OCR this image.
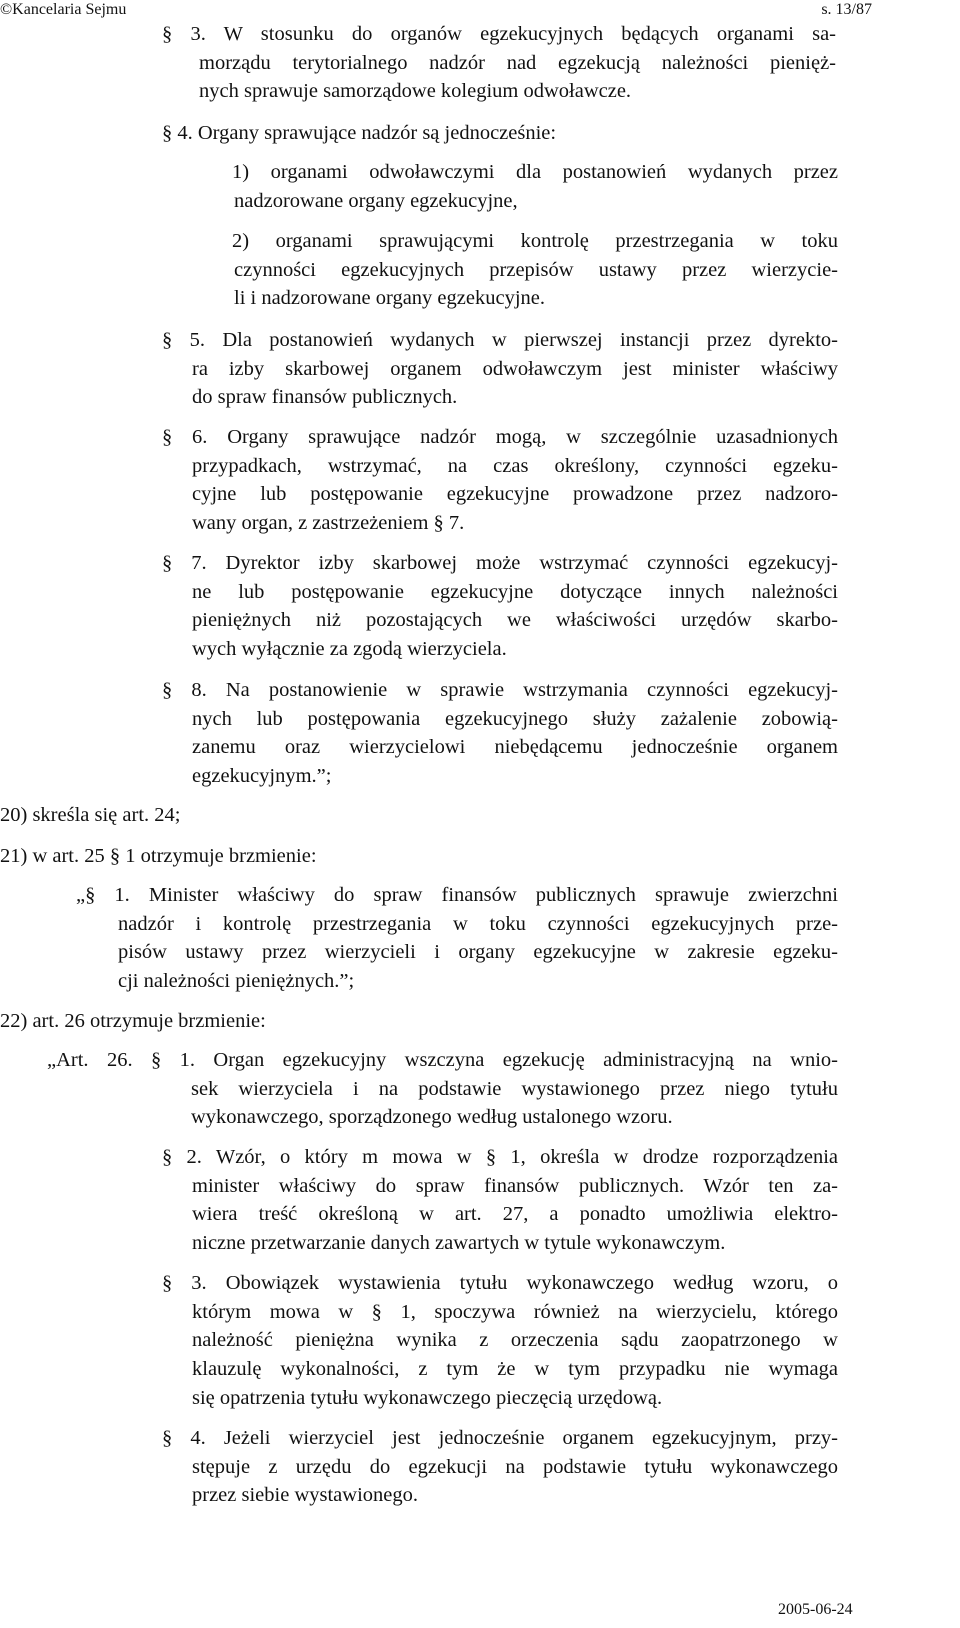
©Kancelaria Sejmu	s. 13/87
§ 3. W stosunku do organów egzekucyjnych będących organami sa-
morządu terytorialnego nadzór nad egzekucją należności pienięż-
nych sprawuje samorządowe kolegium odwoławcze.
§ 4. Organy sprawujące nadzór są jednocześnie:
1) organami odwoławczymi dla postanowień wydanych przez
nadzorowane organy egzekucyjne,
2) organami sprawującymi kontrolę przestrzegania w toku
czynności egzekucyjnych przepisów ustawy przez wierzycie-
li i nadzorowane organy egzekucyjne.
§ 5. Dla postanowień wydanych w pierwszej instancji przez dyrekto-
ra izby skarbowej organem odwoławczym jest minister właściwy
do spraw finansów publicznych.
§ 6. Organy sprawujące nadzór mogą, w szczególnie uzasadnionych
przypadkach, wstrzymać, na czas określony, czynności egzeku-
cyjne lub postępowanie egzekucyjne prowadzone przez nadzoro-
wany organ, z zastrzeżeniem § 7.
§ 7. Dyrektor izby skarbowej może wstrzymać czynności egzekucyj-
ne lub postępowanie egzekucyjne dotyczące innych należności
pieniężnych niż pozostających we właściwości urzędów skarbo-
wych wyłącznie za zgodą wierzyciela.
§ 8. Na postanowienie w sprawie wstrzymania czynności egzekucyj-
nych lub postępowania egzekucyjnego służy zażalenie zobowią-
zanemu oraz wierzycielowi niebędącemu jednocześnie organem
egzekucyjnym.”;
20) skreśla się art. 24;
21) w art. 25 § 1 otrzymuje brzmienie:
„§ 1. Minister właściwy do spraw finansów publicznych sprawuje zwierzchni
nadzór i kontrolę przestrzegania w toku czynności egzekucyjnych prze-
pisów ustawy przez wierzycieli i organy egzekucyjne w zakresie egzeku-
cji należności pieniężnych.”;
22) art. 26 otrzymuje brzmienie:
„Art. 26. § 1. Organ egzekucyjny wszczyna egzekucję administracyjną na wnio-
sek wierzyciela i na podstawie wystawionego przez niego tytułu
wykonawczego, sporządzonego według ustalonego wzoru.
§ 2. Wzór, o który m mowa w § 1, określa w drodze rozporządzenia
minister właściwy do spraw finansów publicznych. Wzór ten za-
wiera treść określoną w art. 27, a ponadto umożliwia elektro-
niczne przetwarzanie danych zawartych w tytule wykonawczym.
§ 3. Obowiązek wystawienia tytułu wykonawczego według wzoru, o
którym mowa w § 1, spoczywa również na wierzycielu, którego
należność pieniężna wynika z orzeczenia sądu zaopatrzonego w
klauzulę wykonalności, z tym że w tym przypadku nie wymaga
się opatrzenia tytułu wykonawczego pieczęcią urzędową.
§ 4. Jeżeli wierzyciel jest jednocześnie organem egzekucyjnym, przy-
stępuje z urzędu do egzekucji na podstawie tytułu wykonawczego
przez siebie wystawionego.
2005-06-24
